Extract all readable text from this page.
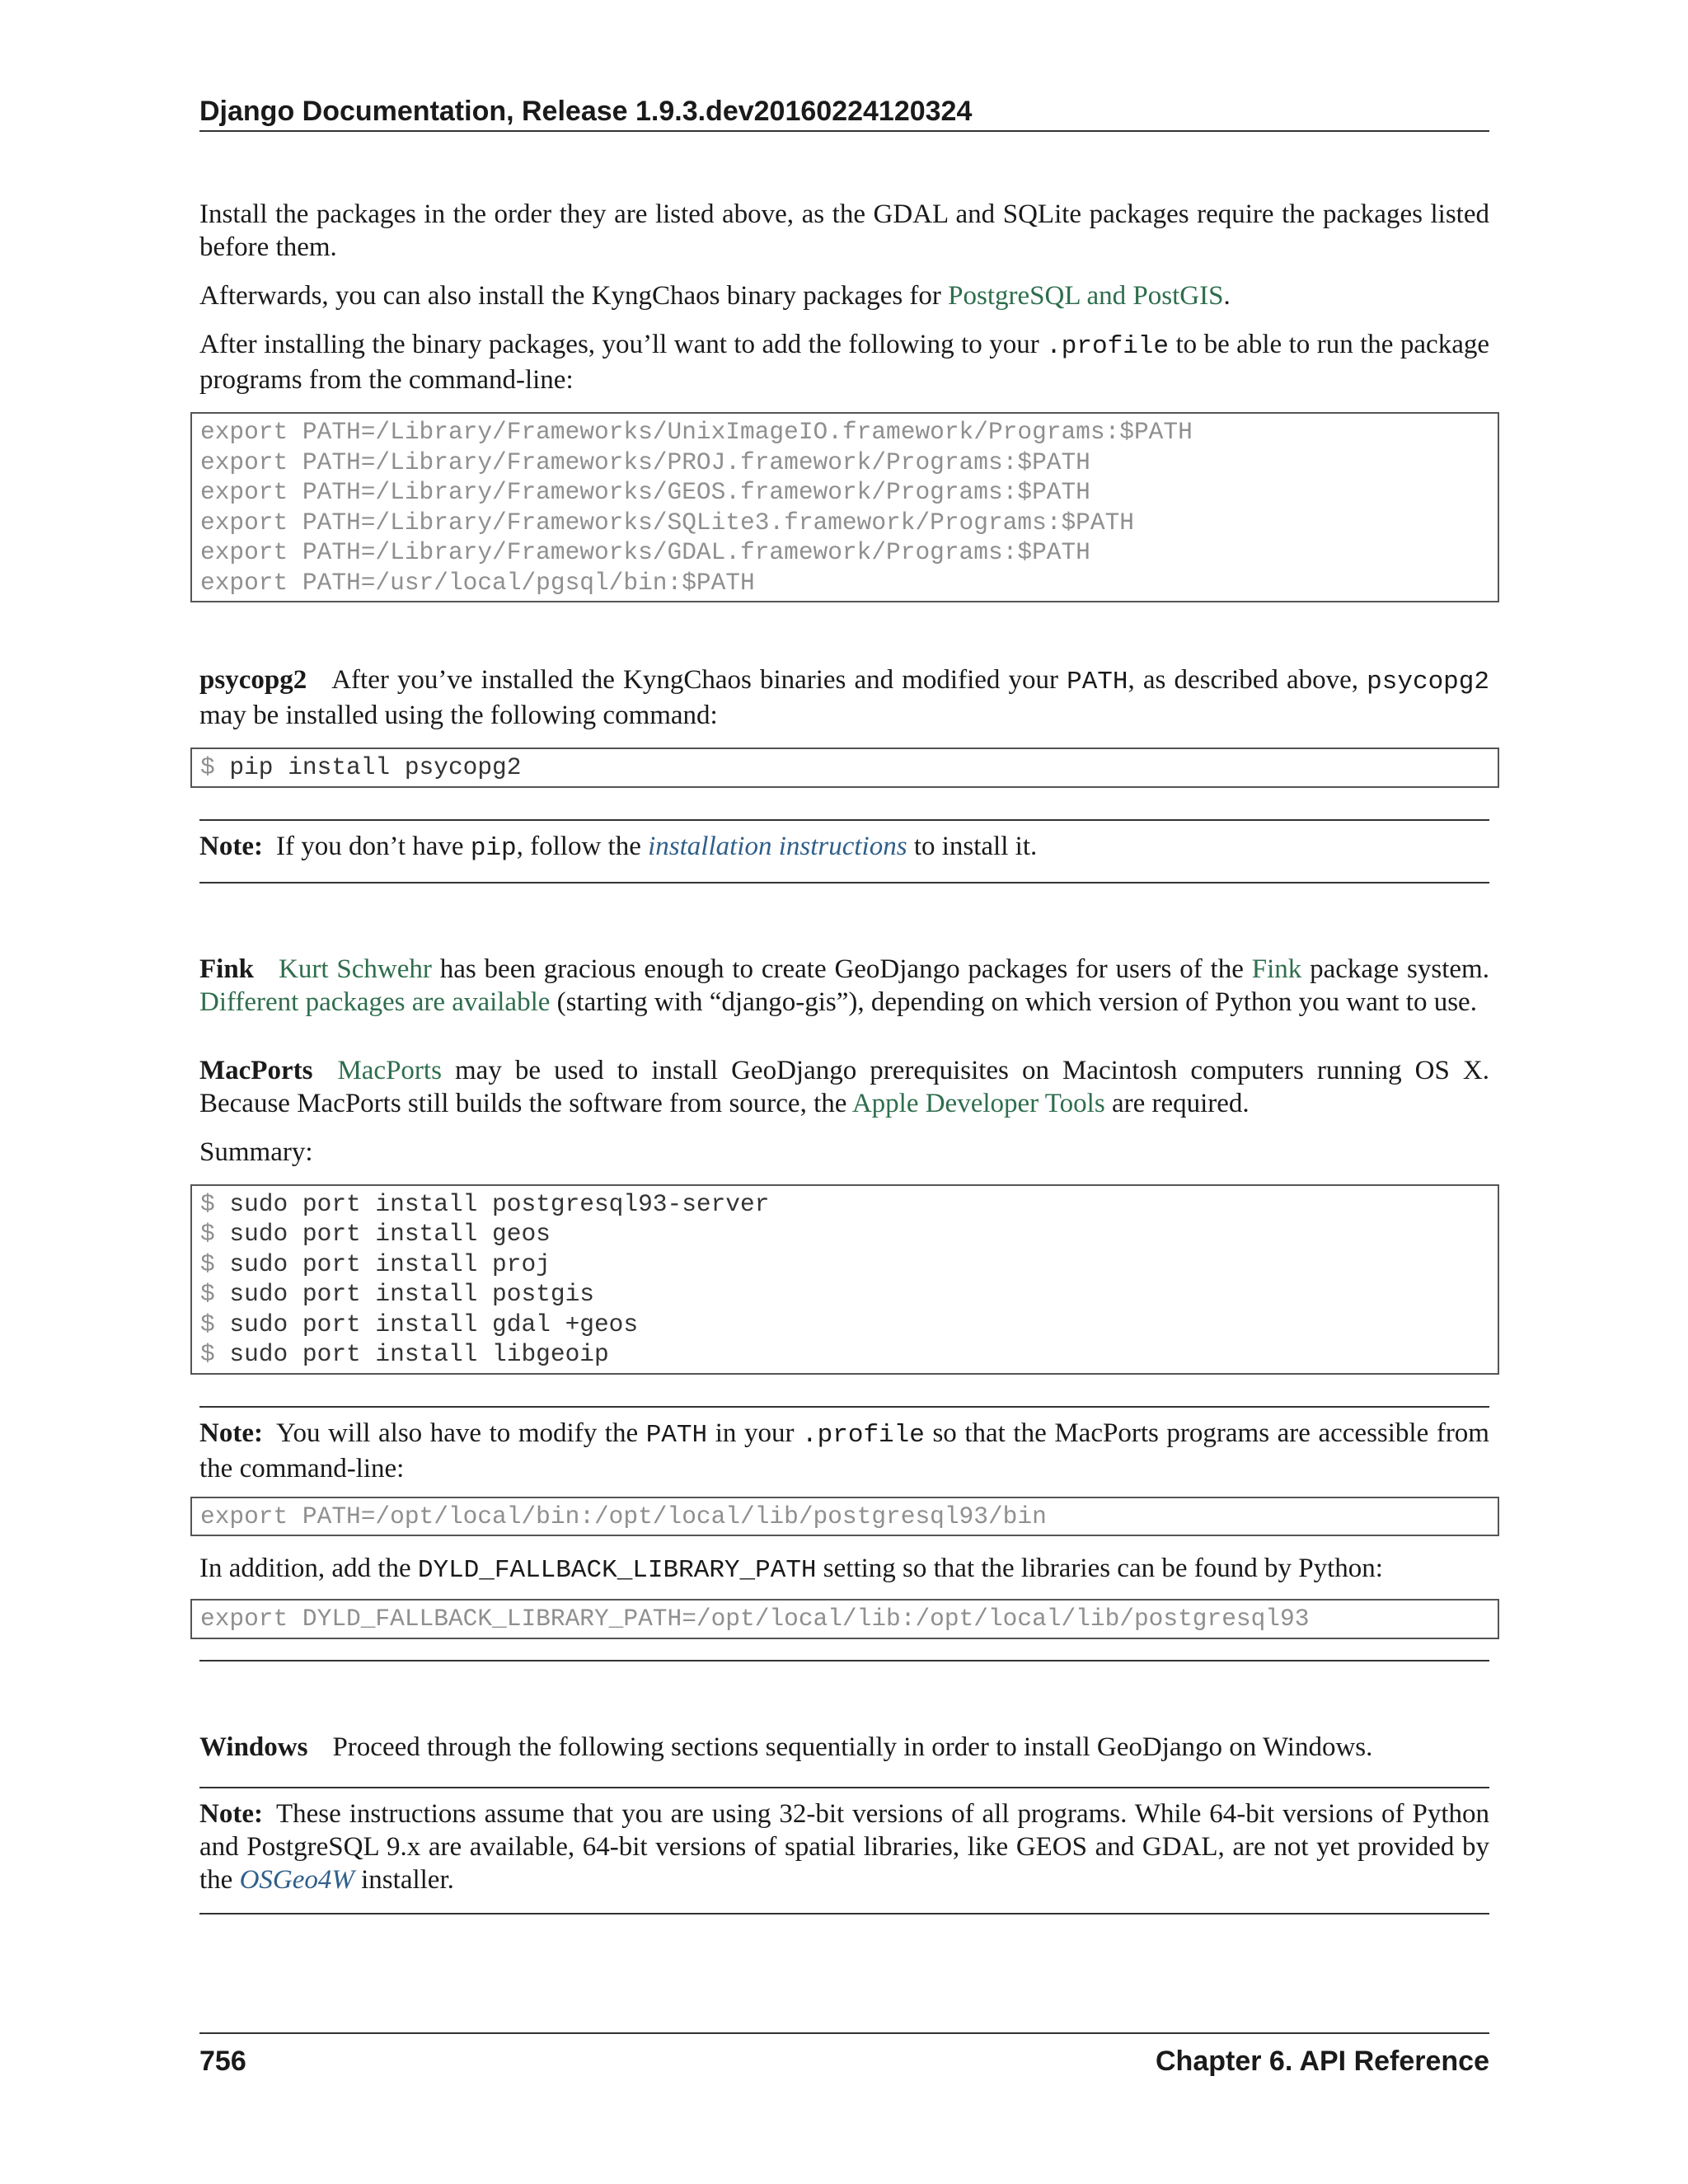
Django Documentation, Release 1.9.3.dev20160224120324

Install the packages in the order they are listed above, as the GDAL and SQLite packages require the packages listed before them.

Afterwards, you can also install the KyngChaos binary packages for PostgreSQL and PostGIS.

After installing the binary packages, you’ll want to add the following to your .profile to be able to run the package programs from the command-line:

export PATH=/Library/Frameworks/UnixImageIO.framework/Programs:$PATH
export PATH=/Library/Frameworks/PROJ.framework/Programs:$PATH
export PATH=/Library/Frameworks/GEOS.framework/Programs:$PATH
export PATH=/Library/Frameworks/SQLite3.framework/Programs:$PATH
export PATH=/Library/Frameworks/GDAL.framework/Programs:$PATH
export PATH=/usr/local/pgsql/bin:$PATH

psycopg2 After you’ve installed the KyngChaos binaries and modified your PATH, as described above, psycopg2 may be installed using the following command:

$ pip install psycopg2

Note: If you don’t have pip, follow the installation instructions to install it.

Fink Kurt Schwehr has been gracious enough to create GeoDjango packages for users of the Fink package system. Different packages are available (starting with “django-gis”), depending on which version of Python you want to use.

MacPorts MacPorts may be used to install GeoDjango prerequisites on Macintosh computers running OS X. Because MacPorts still builds the software from source, the Apple Developer Tools are required.

Summary:

$ sudo port install postgresql93-server
$ sudo port install geos
$ sudo port install proj
$ sudo port install postgis
$ sudo port install gdal +geos
$ sudo port install libgeoip

Note: You will also have to modify the PATH in your .profile so that the MacPorts programs are accessible from the command-line:

export PATH=/opt/local/bin:/opt/local/lib/postgresql93/bin

In addition, add the DYLD_FALLBACK_LIBRARY_PATH setting so that the libraries can be found by Python:

export DYLD_FALLBACK_LIBRARY_PATH=/opt/local/lib:/opt/local/lib/postgresql93

Windows Proceed through the following sections sequentially in order to install GeoDjango on Windows.

Note: These instructions assume that you are using 32-bit versions of all programs. While 64-bit versions of Python and PostgreSQL 9.x are available, 64-bit versions of spatial libraries, like GEOS and GDAL, are not yet provided by the OSGeo4W installer.

756	Chapter 6. API Reference
